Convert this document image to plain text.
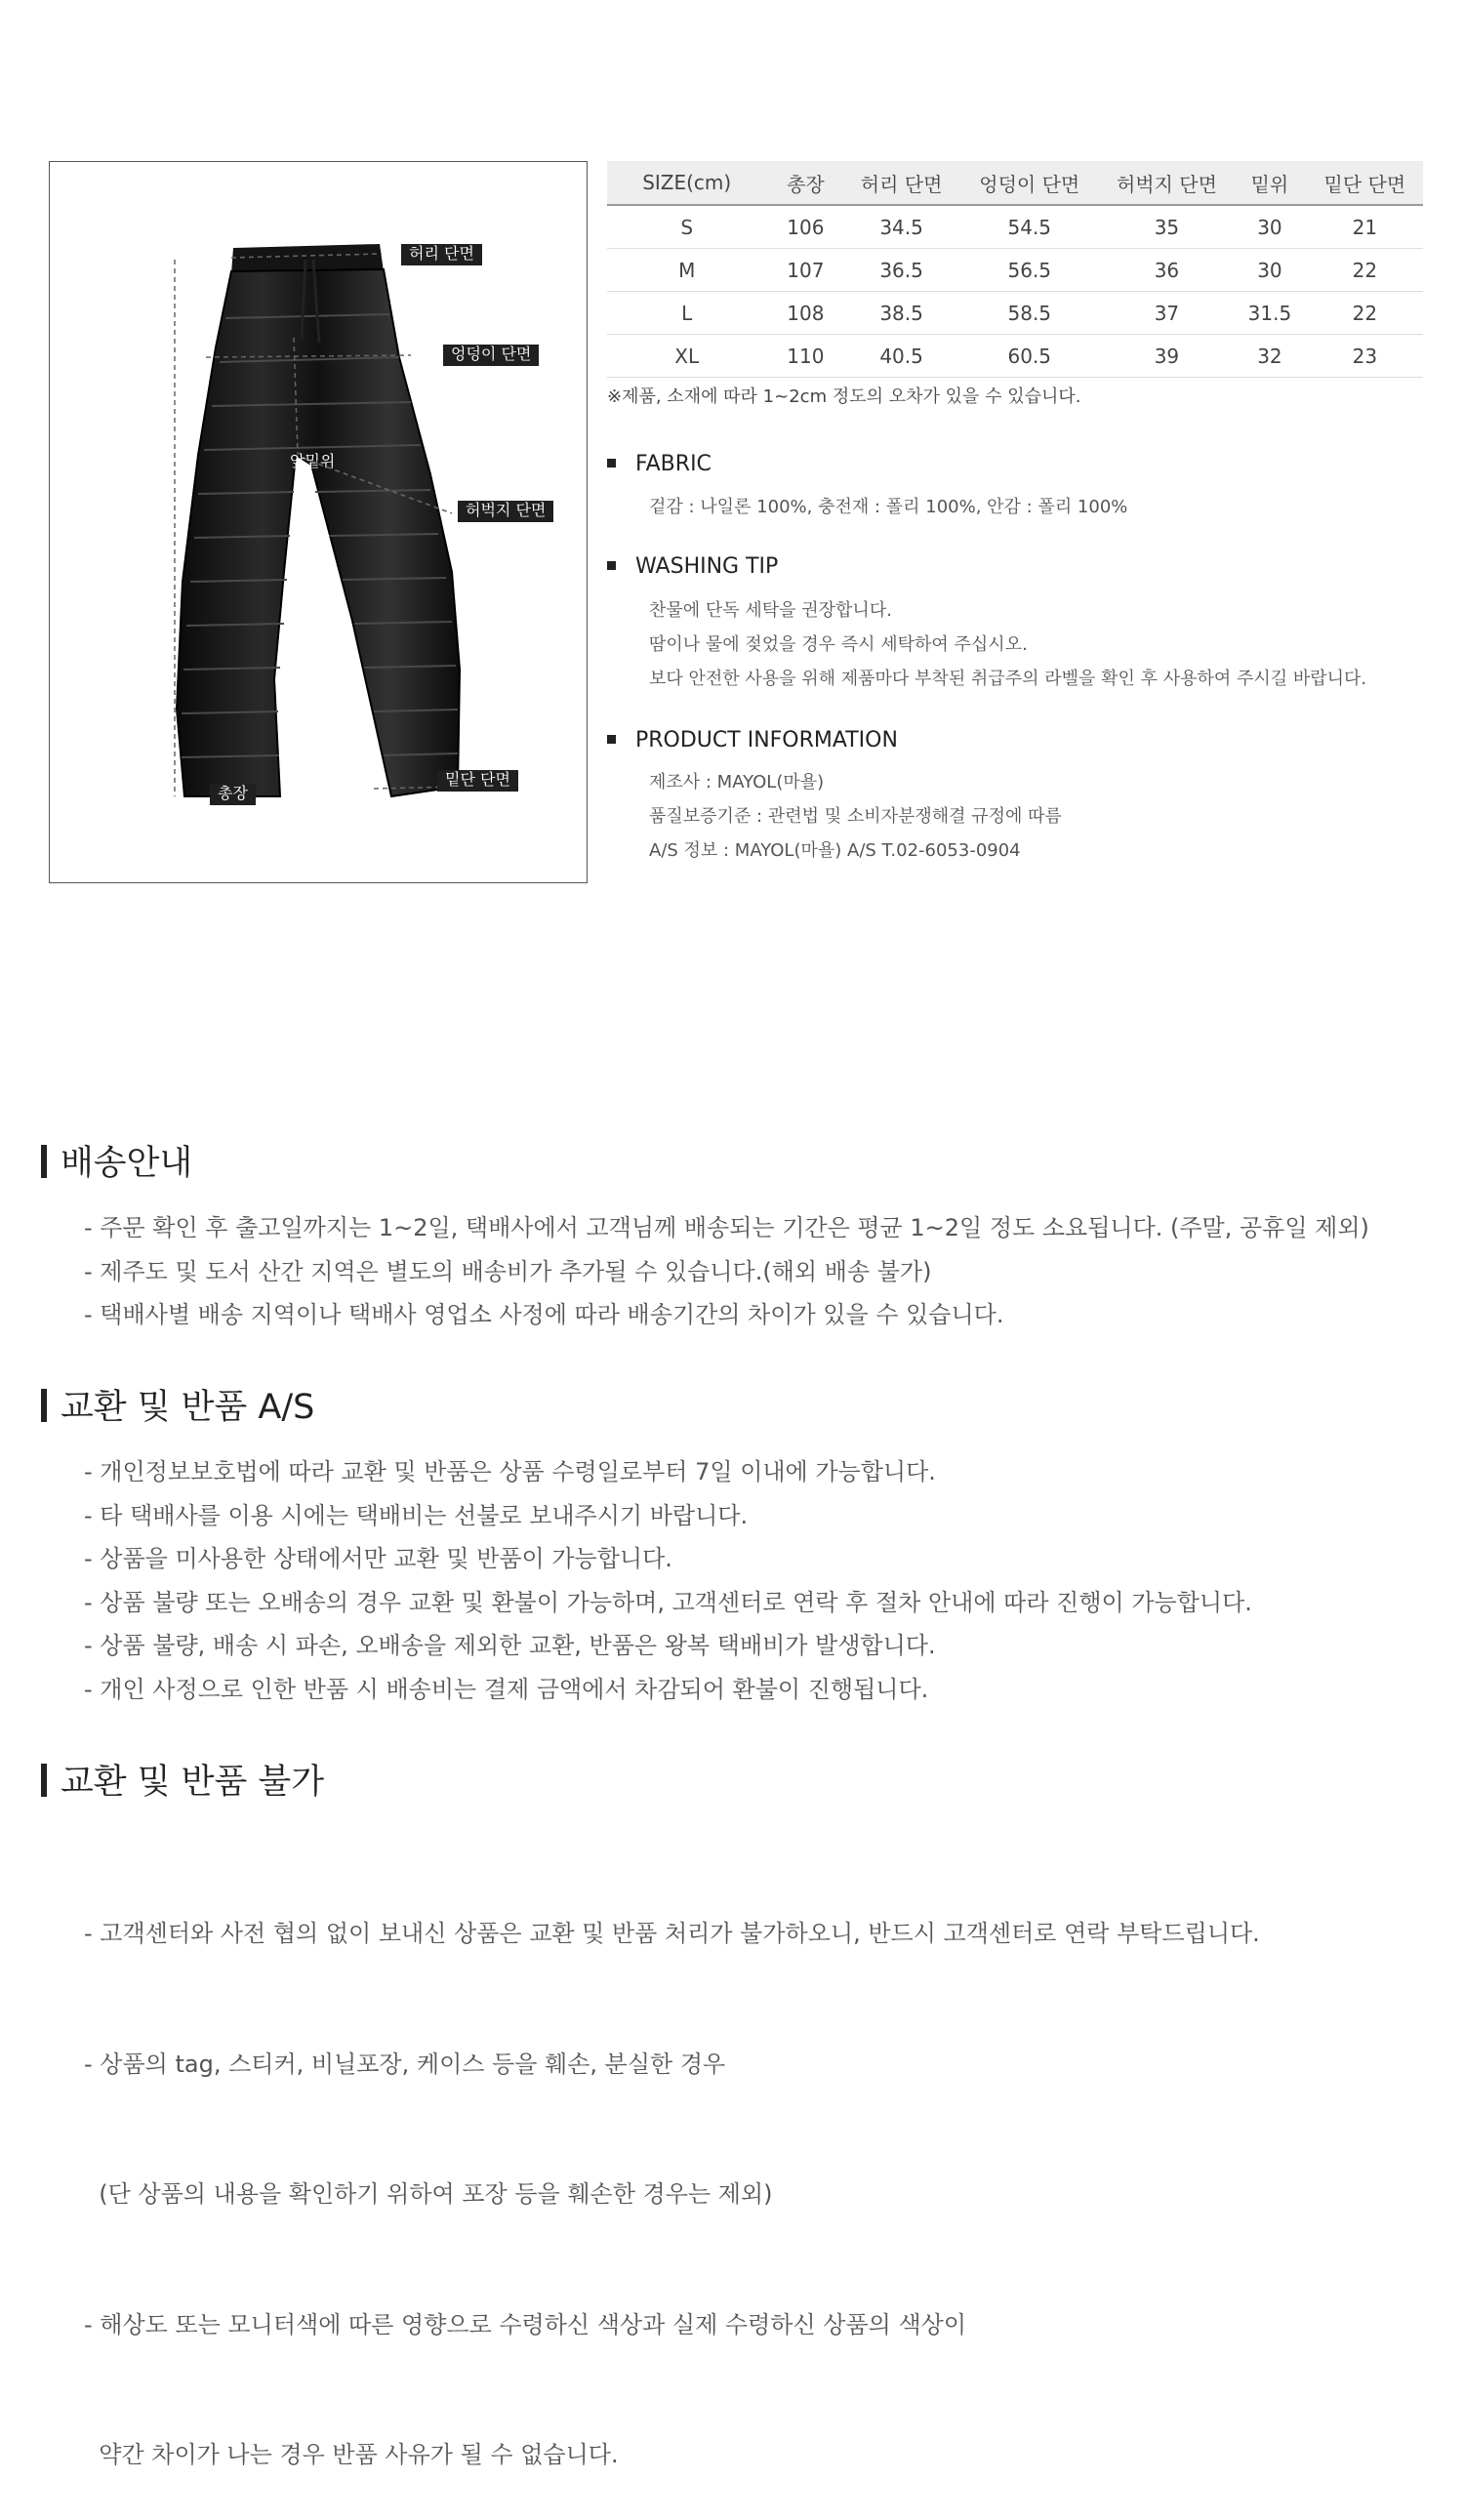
허리 단면
엉덩이 단면
앞밑위
허벅지 단면
밑단 단면
총장
SIZE(cm)	총장	허리 단면	엉덩이 단면	허벅지 단면	밑위	밑단 단면
S	106	34.5	54.5	35	30	21
M	107	36.5	56.5	36	30	22
L	108	38.5	58.5	37	31.5	22
XL	110	40.5	60.5	39	32	23
※제품, 소재에 따라 1~2cm 정도의 오차가 있을 수 있습니다.
FABRIC
겉감 : 나일론 100%, 충전재 : 폴리 100%, 안감 : 폴리 100%
WASHING TIP
찬물에 단독 세탁을 권장합니다.
땀이나 물에 젖었을 경우 즉시 세탁하여 주십시오.
보다 안전한 사용을 위해 제품마다 부착된 취급주의 라벨을 확인 후 사용하여 주시길 바랍니다.
PRODUCT INFORMATION
제조사 : MAYOL(마욜)
품질보증기준 : 관련법 및 소비자분쟁해결 규정에 따름
A/S 정보 : MAYOL(마욜) A/S T.02-6053-0904
배송안내
- 주문 확인 후 출고일까지는 1~2일, 택배사에서 고객님께 배송되는 기간은 평균 1~2일 정도 소요됩니다. (주말, 공휴일 제외)
- 제주도 및 도서 산간 지역은 별도의 배송비가 추가될 수 있습니다.(해외 배송 불가)
- 택배사별 배송 지역이나 택배사 영업소 사정에 따라 배송기간의 차이가 있을 수 있습니다.
교환 및 반품 A/S
- 개인정보보호법에 따라 교환 및 반품은 상품 수령일로부터 7일 이내에 가능합니다.
- 타 택배사를 이용 시에는 택배비는 선불로 보내주시기 바랍니다.
- 상품을 미사용한 상태에서만 교환 및 반품이 가능합니다.
- 상품 불량 또는 오배송의 경우 교환 및 환불이 가능하며, 고객센터로 연락 후 절차 안내에 따라 진행이 가능합니다.
- 상품 불량, 배송 시 파손, 오배송을 제외한 교환, 반품은 왕복 택배비가 발생합니다.
- 개인 사정으로 인한 반품 시 배송비는 결제 금액에서 차감되어 환불이 진행됩니다.
교환 및 반품 불가

- 고객센터와 사전 협의 없이 보내신 상품은 교환 및 반품 처리가 불가하오니, 반드시 고객센터로 연락 부탁드립니다.

- 상품의 tag, 스티커, 비닐포장, 케이스 등을 훼손, 분실한 경우

(단 상품의 내용을 확인하기 위하여 포장 등을 훼손한 경우는 제외)

- 해상도 또는 모니터색에 따른 영향으로 수령하신 색상과 실제 수령하신 상품의 색상이

약간 차이가 나는 경우 반품 사유가 될 수 없습니다.
